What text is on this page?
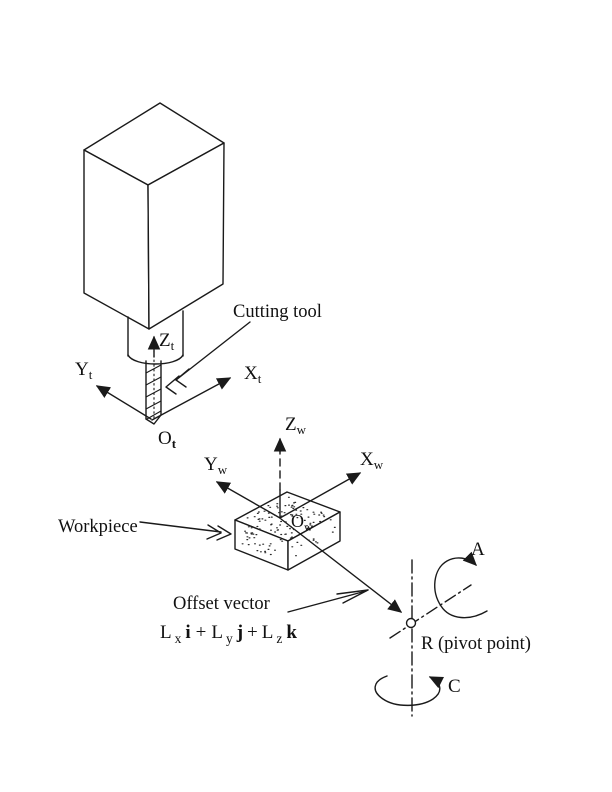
Cutting tool
$Z_t$
$Y_t$	$X_t$
$O_t$
$Z_w$
$Y_w$	$X_w$
$O_w$
Workpiece
Offset vector
L $_x$ i + L $_y$ j + L $_z$ k
A
R (pivot point)
C
